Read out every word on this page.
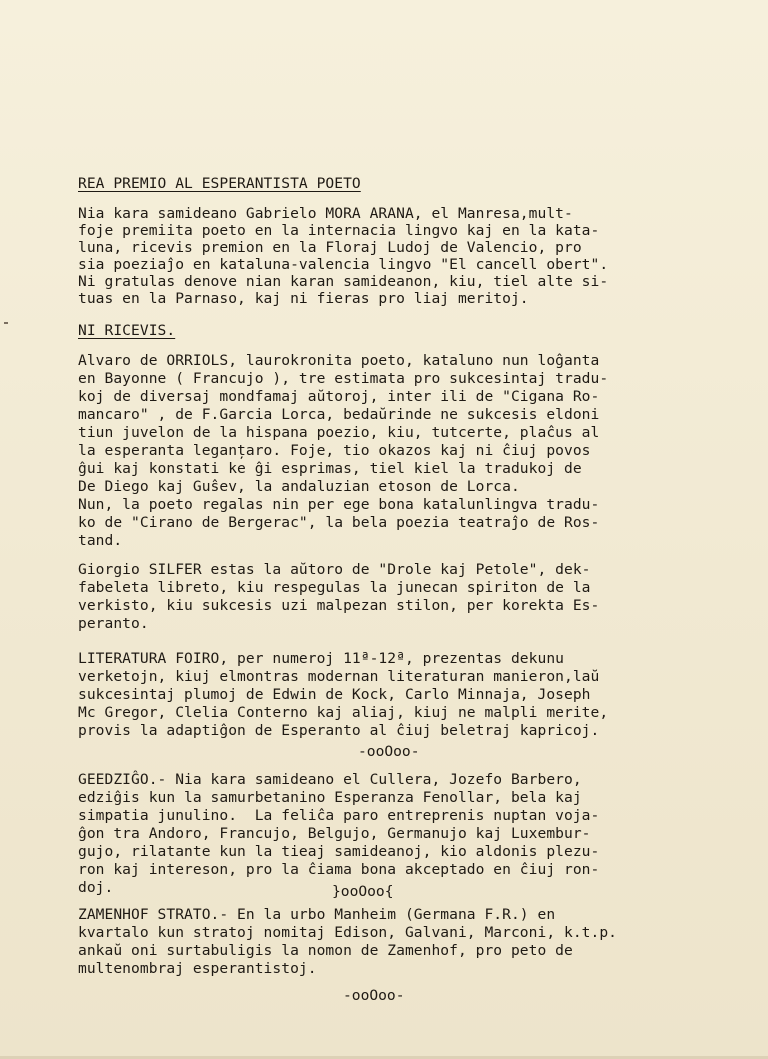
REA PREMIO AL ESPERANTISTA POETO
Nia kara samideano Gabrielo MORA ARANA, el Manresa,mult-
foje premiita poeto en la internacia lingvo kaj en la kata-
luna, ricevis premion en la Floraj Ludoj de Valencio, pro
sia poeziaĵo en kataluna-valencia lingvo "El cancell obert".
Ni gratulas denove nian karan samideanon, kiu, tiel alte si-
tuas en la Parnaso, kaj ni fieras pro liaj meritoj.
NI RICEVIS.
Alvaro de ORRIOLS, laurokronita poeto, kataluno nun loĝanta
en Bayonne ( Francujo ), tre estimata pro sukcesintaj tradu-
koj de diversaj mondfamaj aŭtoroj, inter ili de "Cigana Ro-
mancaro" , de F.Garcia Lorca, bedaŭrinde ne sukcesis eldoni
tiun juvelon de la hispana poezio, kiu, tutcerte, plaĉus al
la esperanta leganțaro. Foje, tio okazos kaj ni ĉiuj povos
ĝui kaj konstati ke ĝi esprimas, tiel kiel la tradukoj de
De Diego kaj Guŝev, la andaluzian etoson de Lorca.
Nun, la poeto regalas nin per ege bona katalunlingva tradu-
ko de "Cirano de Bergerac", la bela poezia teatraĵo de Ros-
tand.
Giorgio SILFER estas la aŭtoro de "Drole kaj Petole", dek-
fabeleta libreto, kiu respegulas la junecan spiriton de la
verkisto, kiu sukcesis uzi malpezan stilon, per korekta Es-
peranto.
LITERATURA FOIRO, per numeroj 11ª-12ª, prezentas dekunu
verketojn, kiuj elmontras modernan literaturan manieron,laŭ
sukcesintaj plumoj de Edwin de Kock, Carlo Minnaja, Joseph
Mc Gregor, Clelia Conterno kaj aliaj, kiuj ne malpli merite,
provis la adaptiĝon de Esperanto al ĉiuj beletraj kapricoj.
-ooOoo-
GEEDZIĜO.- Nia kara samideano el Cullera, Jozefo Barbero,
edziĝis kun la samurbetanino Esperanza Fenollar, bela kaj
simpatia junulino.  La feliĉa paro entreprenis nuptan voja-
ĝon tra Andoro, Francujo, Belgujo, Germanujo kaj Luxembur-
gujo, rilatante kun la tieaj samideanoj, kio aldonis plezu-
ron kaj intereson, pro la ĉiama bona akceptado en ĉiuj ron-
doj.	}ooOoo{
ZAMENHOF STRATO.- En la urbo Manheim (Germana F.R.) en
kvartalo kun stratoj nomitaj Edison, Galvani, Marconi, k.t.p.
ankaŭ oni surtabuligis la nomon de Zamenhof, pro peto de
multenombraj esperantistoj.
-ooOoo-
